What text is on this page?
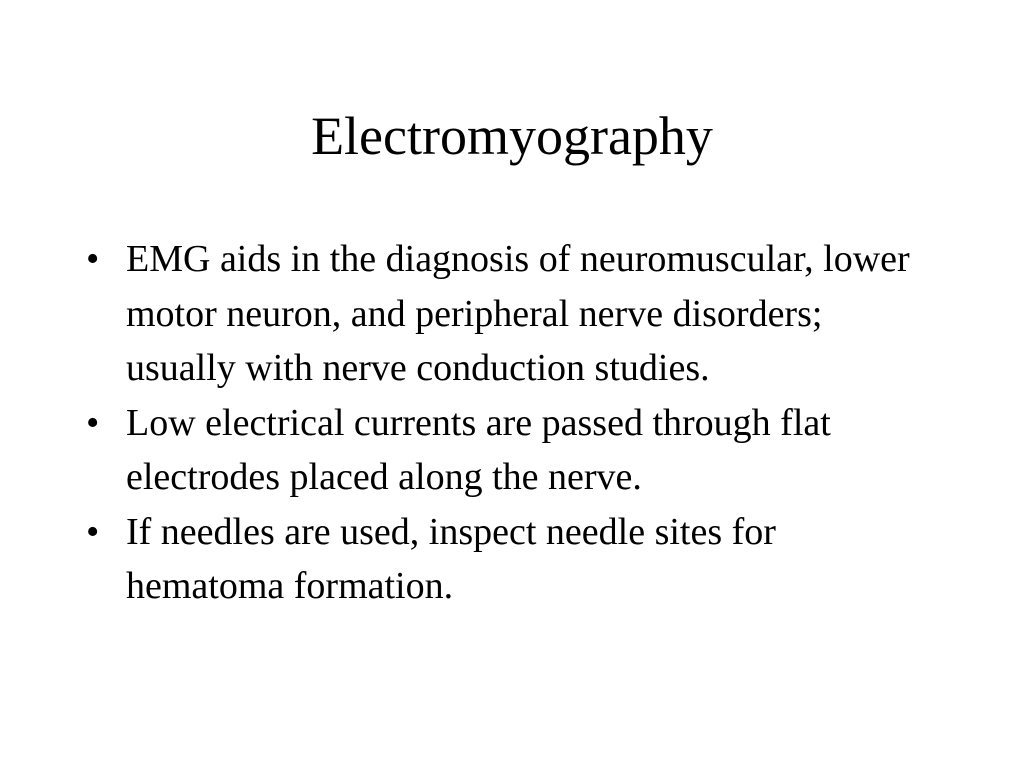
Electromyography
• EMG aids in the diagnosis of neuromuscular, lower motor neuron, and peripheral nerve disorders; usually with nerve conduction studies.
• Low electrical currents are passed through flat electrodes placed along the nerve.
• If needles are used, inspect needle sites for hematoma formation.
